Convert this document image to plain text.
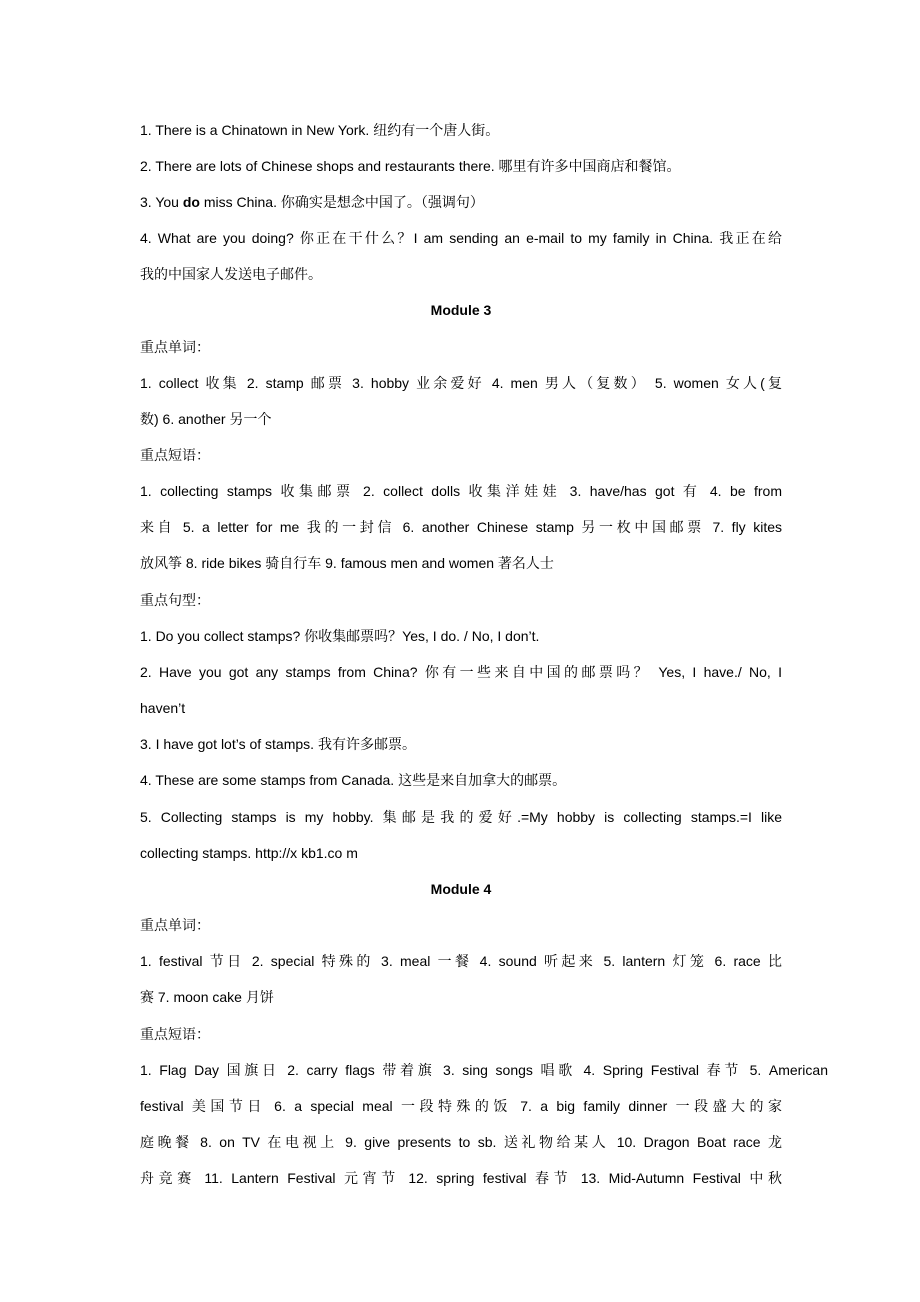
1. There is a Chinatown in New York. 纽约有一个唐人街。
2. There are lots of Chinese shops and restaurants there. 哪里有许多中国商店和餐馆。
3. You do miss China. 你确实是想念中国了。（强调句）
4. What are you doing? 你正在干什么？I am sending an e-mail to my family in China. 我正在给
我的中国家人发送电子邮件。
Module 3
重点单词：
1. collect 收集 2. stamp 邮票 3. hobby 业余爱好 4. men 男人（复数） 5. women 女人(复
数) 6. another 另一个
重点短语：
1. collecting stamps 收集邮票 2. collect dolls 收集洋娃娃 3. have/has got 有 4. be from
来自 5. a letter for me 我的一封信 6. another Chinese stamp 另一枚中国邮票 7. fly kites
放风筝 8. ride bikes 骑自行车 9. famous men and women 著名人士
重点句型：
1. Do you collect stamps? 你收集邮票吗？Yes, I do. / No, I don’t.
2. Have you got any stamps from China? 你有一些来自中国的邮票吗？ Yes, I have./ No, I
haven’t
3. I have got lot’s of stamps. 我有许多邮票。
4. These are some stamps from Canada. 这些是来自加拿大的邮票。
5. Collecting stamps is my hobby. 集邮是我的爱好.=My hobby is collecting stamps.=I like
collecting stamps. http://x kb1.co m
Module 4
重点单词：
1. festival 节日 2. special 特殊的 3. meal 一餐 4. sound 听起来 5. lantern 灯笼 6. race 比
赛 7. moon cake 月饼
重点短语：
1. Flag Day 国旗日 2. carry flags 带着旗 3. sing songs 唱歌 4. Spring Festival 春节 5. American
festival 美国节日 6. a special meal 一段特殊的饭 7. a big family dinner 一段盛大的家
庭晚餐 8. on TV 在电视上 9. give presents to sb. 送礼物给某人 10. Dragon Boat race 龙
舟竞赛 11. Lantern Festival 元宵节 12. spring festival 春节 13. Mid-Autumn Festival 中秋
